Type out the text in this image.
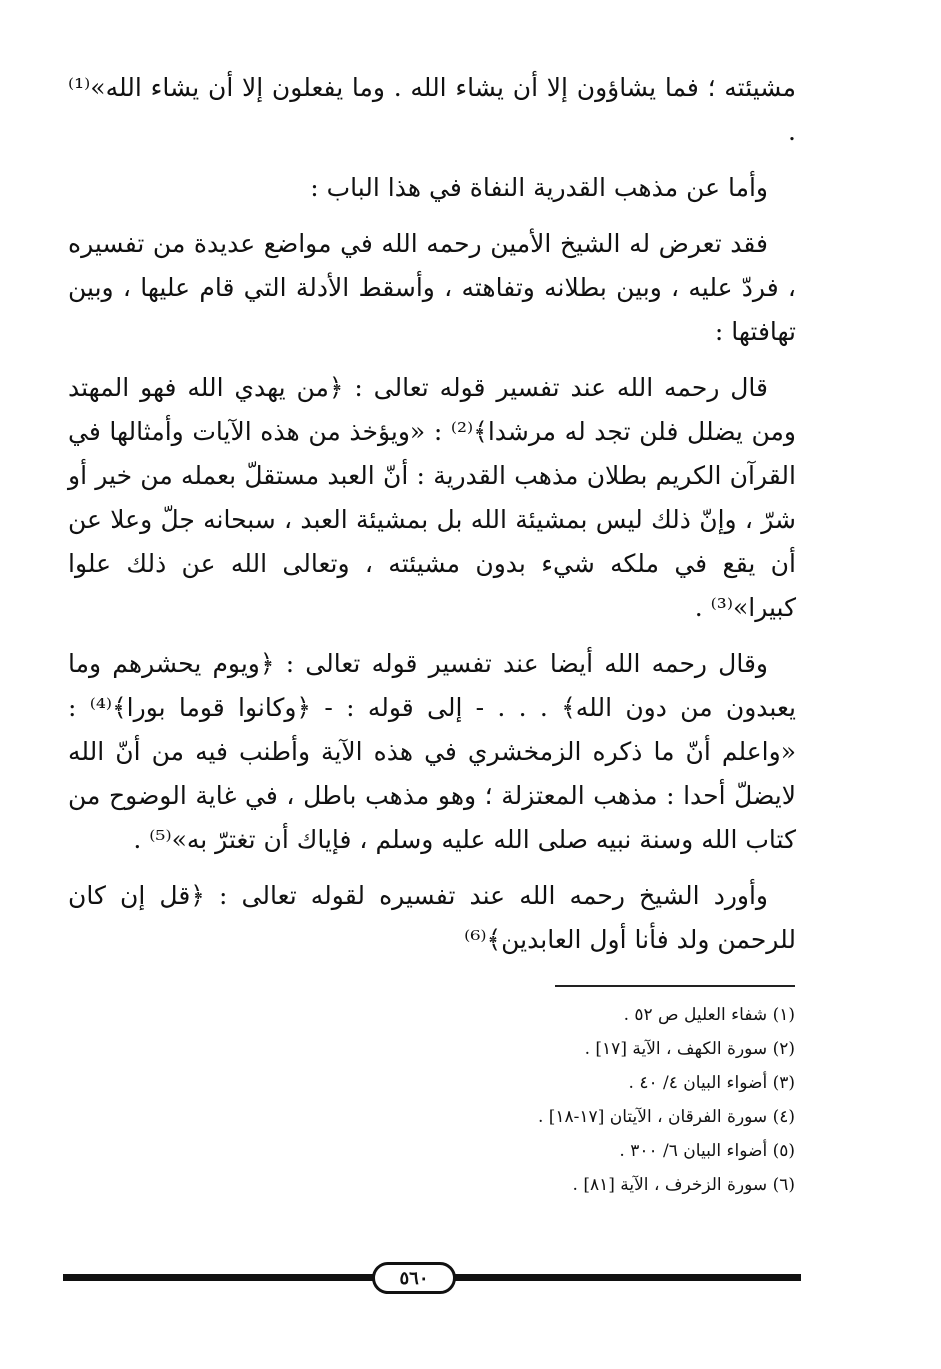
مشيئته ؛ فما يشاؤون إلا أن يشاء الله . وما يفعلون إلا أن يشاء الله»⁽¹⁾ .

وأما عن مذهب القدرية النفاة في هذا الباب :

فقد تعرض له الشيخ الأمين رحمه الله في مواضع عديدة من تفسيره ، فردّ عليه ، وبين بطلانه وتفاهته ، وأسقط الأدلة التي قام عليها ، وبين تهافتها :

قال رحمه الله عند تفسير قوله تعالى : ﴿من يهدي الله فهو المهتد ومن يضلل فلن تجد له مرشدا﴾⁽²⁾ : «ويؤخذ من هذه الآيات وأمثالها في القرآن الكريم بطلان مذهب القدرية : أنّ العبد مستقلّ بعمله من خير أو شرّ ، وإنّ ذلك ليس بمشيئة الله بل بمشيئة العبد ، سبحانه جلّ وعلا عن أن يقع في ملكه شيء بدون مشيئته ، وتعالى الله عن ذلك علوا كبيرا»⁽³⁾ .

وقال رحمه الله أيضا عند تفسير قوله تعالى : ﴿ويوم يحشرهم وما يعبدون من دون الله﴾ . . . - إلى قوله : - ﴿وكانوا قوما بورا﴾⁽⁴⁾ : «واعلم أنّ ما ذكره الزمخشري في هذه الآية وأطنب فيه من أنّ الله لايضلّ أحدا : مذهب المعتزلة ؛ وهو مذهب باطل ، في غاية الوضوح من كتاب الله وسنة نبيه صلى الله عليه وسلم ، فإياك أن تغترّ به»⁽⁵⁾ .

وأورد الشيخ رحمه الله عند تفسيره لقوله تعالى : ﴿قل إن كان للرحمن ولد فأنا أول العابدين﴾⁽⁶⁾

(١) شفاء العليل ص ٥٢ .

(٢) سورة الكهف ، الآية [١٧] .

(٣) أضواء البيان ٤/ ٤٠ .

(٤) سورة الفرقان ، الآيتان [١٧-١٨] .

(٥) أضواء البيان ٦/ ٣٠٠ .

(٦) سورة الزخرف ، الآية [٨١] .

٥٦٠
